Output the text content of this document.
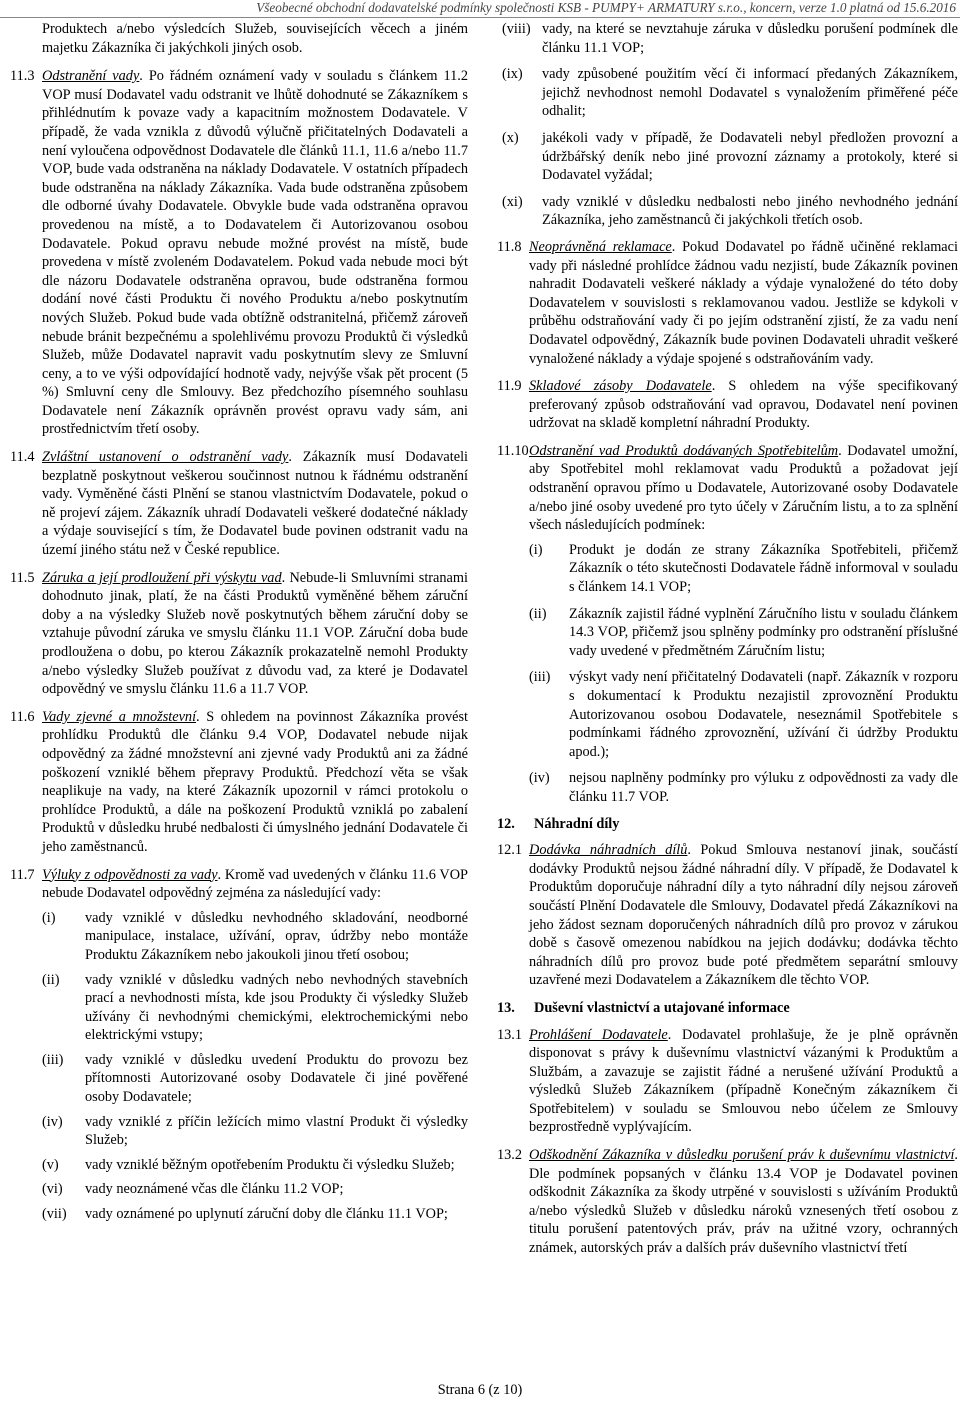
Všeobecné obchodní dodavatelské podmínky společnosti KSB - PUMPY+ ARMATURY s.r.o., koncern, verze 1.0 platná od 15.6.2016
Produktech a/nebo výsledcích Služeb, souvisejících věcech a jiném majetku Zákazníka či jakýchkoli jiných osob.
11.3 Odstranění vady. Po řádném oznámení vady v souladu s článkem 11.2 VOP musí Dodavatel vadu odstranit ve lhůtě dohodnuté se Zákazníkem s přihlédnutím k povaze vady a kapacitním možnostem Dodavatele. V případě, že vada vznikla z důvodů výlučně přičitatelných Dodavateli a není vyloučena odpovědnost Dodavatele dle článků 11.1, 11.6 a/nebo 11.7 VOP, bude vada odstraněna na náklady Dodavatele. V ostatních případech bude odstraněna na náklady Zákazníka. Vada bude odstraněna způsobem dle odborné úvahy Dodavatele. Obvykle bude vada odstraněna opravou provedenou na místě, a to Dodavatelem či Autorizovanou osobou Dodavatele. Pokud opravu nebude možné provést na místě, bude provedena v místě zvoleném Dodavatelem. Pokud vada nebude moci být dle názoru Dodavatele odstraněna opravou, bude odstraněna formou dodání nové části Produktu či nového Produktu a/nebo poskytnutím nových Služeb. Pokud bude vada obtížně odstranitelná, přičemž zároveň nebude bránit bezpečnému a spolehlivému provozu Produktů či výsledků Služeb, může Dodavatel napravit vadu poskytnutím slevy ze Smluvní ceny, a to ve výši odpovídající hodnotě vady, nejvýše však pět procent (5 %) Smluvní ceny dle Smlouvy. Bez předchozího písemného souhlasu Dodavatele není Zákazník oprávněn provést opravu vady sám, ani prostřednictvím třetí osoby.
11.4 Zvláštní ustanovení o odstranění vady. Zákazník musí Dodavateli bezplatně poskytnout veškerou součinnost nutnou k řádnému odstranění vady. Vyměněné části Plnění se stanou vlastnictvím Dodavatele, pokud o ně projeví zájem. Zákazník uhradí Dodavateli veškeré dodatečné náklady a výdaje související s tím, že Dodavatel bude povinen odstranit vadu na území jiného státu než v České republice.
11.5 Záruka a její prodloužení při výskytu vad. Nebude-li Smluvními stranami dohodnuto jinak, platí, že na části Produktů vyměněné během záruční doby a na výsledky Služeb nově poskytnutých během záruční doby se vztahuje původní záruka ve smyslu článku 11.1 VOP. Záruční doba bude prodloužena o dobu, po kterou Zákazník prokazatelně nemohl Produkty a/nebo výsledky Služeb používat z důvodu vad, za které je Dodavatel odpovědný ve smyslu článku 11.6 a 11.7 VOP.
11.6 Vady zjevné a množstevní. S ohledem na povinnost Zákazníka provést prohlídku Produktů dle článku 9.4 VOP, Dodavatel nebude nijak odpovědný za žádné množstevní ani zjevné vady Produktů ani za žádné poškození vzniklé během přepravy Produktů. Předchozí věta se však neaplikuje na vady, na které Zákazník upozornil v rámci protokolu o prohlídce Produktů, a dále na poškození Produktů vzniklá po zabalení Produktů v důsledku hrubé nedbalosti či úmyslného jednání Dodavatele či jeho zaměstnanců.
11.7 Výluky z odpovědnosti za vady. Kromě vad uvedených v článku 11.6 VOP nebude Dodavatel odpovědný zejména za následující vady:
(i)	vady vzniklé v důsledku nevhodného skladování, neodborné manipulace, instalace, užívání, oprav, údržby nebo montáže Produktu Zákazníkem nebo jakoukoli jinou třetí osobou;
(ii)	vady vzniklé v důsledku vadných nebo nevhodných stavebních prací a nevhodnosti místa, kde jsou Produkty či výsledky Služeb užívány či nevhodnými chemickými, elektrochemickými nebo elektrickými vstupy;
(iii)	vady vzniklé v důsledku uvedení Produktu do provozu bez přítomnosti Autorizované osoby Dodavatele či jiné pověřené osoby Dodavatele;
(iv)	vady vzniklé z příčin ležících mimo vlastní Produkt či výsledky Služeb;
(v)	vady vzniklé běžným opotřebením Produktu či výsledku Služeb;
(vi)	vady neoznámené včas dle článku 11.2 VOP;
(vii)	vady oznámené po uplynutí záruční doby dle článku 11.1 VOP;
(viii) vady, na které se nevztahuje záruka v důsledku porušení podmínek dle článku 11.1 VOP;
(ix)	vady způsobené použitím věcí či informací předaných Zákazníkem, jejichž nevhodnost nemohl Dodavatel s vynaložením přiměřené péče odhalit;
(x)	jakékoli vady v případě, že Dodavateli nebyl předložen provozní a údržbářský deník nebo jiné provozní záznamy a protokoly, které si Dodavatel vyžádal;
(xi)	vady vzniklé v důsledku nedbalosti nebo jiného nevhodného jednání Zákazníka, jeho zaměstnanců či jakýchkoli třetích osob.
11.8 Neoprávněná reklamace. Pokud Dodavatel po řádně učiněné reklamaci vady při následné prohlídce žádnou vadu nezjistí, bude Zákazník povinen nahradit Dodavateli veškeré náklady a výdaje vynaložené do této doby Dodavatelem v souvislosti s reklamovanou vadou. Jestliže se kdykoli v průběhu odstraňování vady či po jejím odstranění zjistí, že za vadu není Dodavatel odpovědný, Zákazník bude povinen Dodavateli uhradit veškeré vynaložené náklady a výdaje spojené s odstraňováním vady.
11.9 Skladové zásoby Dodavatele. S ohledem na výše specifikovaný preferovaný způsob odstraňování vad opravou, Dodavatel není povinen udržovat na skladě kompletní náhradní Produkty.
11.10 Odstranění vad Produktů dodávaných Spotřebitelům. Dodavatel umožní, aby Spotřebitel mohl reklamovat vadu Produktů a požadovat její odstranění opravou přímo u Dodavatele, Autorizované osoby Dodavatele a/nebo jiné osoby uvedené pro tyto účely v Záručním listu, a to za splnění všech následujících podmínek:
(i)	Produkt je dodán ze strany Zákazníka Spotřebiteli, přičemž Zákazník o této skutečnosti Dodavatele řádně informoval v souladu s článkem 14.1 VOP;
(ii)	Zákazník zajistil řádné vyplnění Záručního listu v souladu článkem 14.3 VOP, přičemž jsou splněny podmínky pro odstranění příslušné vady uvedené v předmětném Záručním listu;
(iii)	výskyt vady není přičitatelný Dodavateli (např. Zákazník v rozporu s dokumentací k Produktu nezajistil zprovoznění Produktu Autorizovanou osobou Dodavatele, neseznámil Spotřebitele s podmínkami řádného zprovoznění, užívání či údržby Produktu apod.);
(iv)	nejsou naplněny podmínky pro výluku z odpovědnosti za vady dle článku 11.7 VOP.
12.	Náhradní díly
12.1 Dodávka náhradních dílů. Pokud Smlouva nestanoví jinak, součástí dodávky Produktů nejsou žádné náhradní díly. V případě, že Dodavatel k Produktům doporučuje náhradní díly a tyto náhradní díly nejsou zároveň součástí Plnění Dodavatele dle Smlouvy, Dodavatel předá Zákazníkovi na jeho žádost seznam doporučených náhradních dílů pro provoz v zárukou době s časově omezenou nabídkou na jejich dodávku; dodávka těchto náhradních dílů pro provoz bude poté předmětem separátní smlouvy uzavřené mezi Dodavatelem a Zákazníkem dle těchto VOP.
13.	Duševní vlastnictví a utajované informace
13.1 Prohlášení Dodavatele. Dodavatel prohlašuje, že je plně oprávněn disponovat s právy k duševnímu vlastnictví vázanými k Produktům a Službám, a zavazuje se zajistit řádné a nerušené užívání Produktů a výsledků Služeb Zákazníkem (případně Konečným zákazníkem či Spotřebitelem) v souladu se Smlouvou nebo účelem ze Smlouvy bezprostředně vyplývajícím.
13.2 Odškodnění Zákazníka v důsledku porušení práv k duševnímu vlastnictví. Dle podmínek popsaných v článku 13.4 VOP je Dodavatel povinen odškodnit Zákazníka za škody utrpěné v souvislosti s užíváním Produktů a/nebo výsledků Služeb v důsledku nároků vznesených třetí osobou z titulu porušení patentových práv, práv na užitné vzory, ochranných známek, autorských práv a dalších práv duševního vlastnictví třetí
Strana 6 (z 10)
